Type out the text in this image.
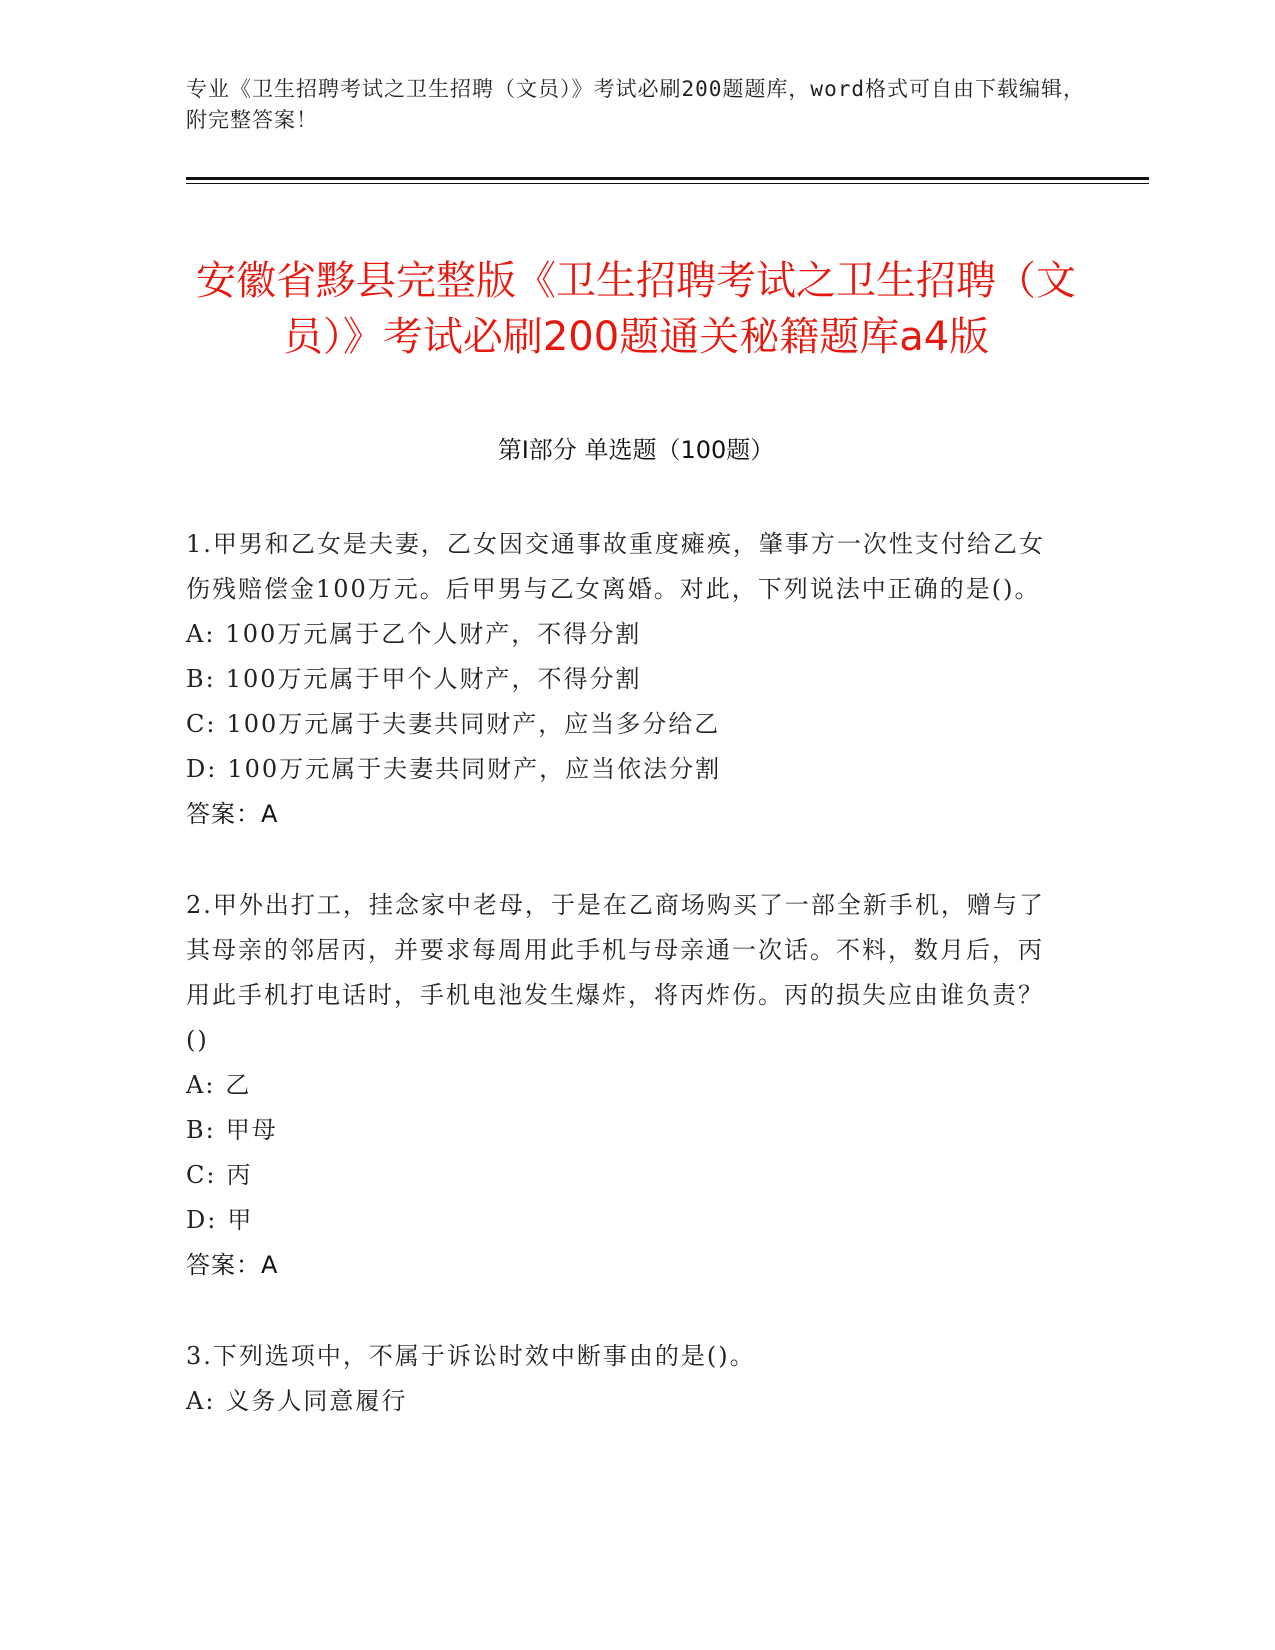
专业《卫生招聘考试之卫生招聘（文员）》考试必刷200题题库，word格式可自由下载编辑，附完整答案！
安徽省黟县完整版《卫生招聘考试之卫生招聘（文员）》考试必刷200题通关秘籍题库a4版
第I部分 单选题（100题）

1.甲男和乙女是夫妻，乙女因交通事故重度瘫痪，肇事方一次性支付给乙女伤残赔偿金100万元。后甲男与乙女离婚。对此，下列说法中正确的是()。

A: 100万元属于乙个人财产，不得分割

B: 100万元属于甲个人财产，不得分割

C: 100万元属于夫妻共同财产，应当多分给乙

D: 100万元属于夫妻共同财产，应当依法分割

答案：A

2.甲外出打工，挂念家中老母，于是在乙商场购买了一部全新手机，赠与了其母亲的邻居丙，并要求每周用此手机与母亲通一次话。不料，数月后，丙用此手机打电话时，手机电池发生爆炸，将丙炸伤。丙的损失应由谁负责？()

A: 乙

B: 甲母

C: 丙

D: 甲

答案：A

3.下列选项中，不属于诉讼时效中断事由的是()。

A: 义务人同意履行
